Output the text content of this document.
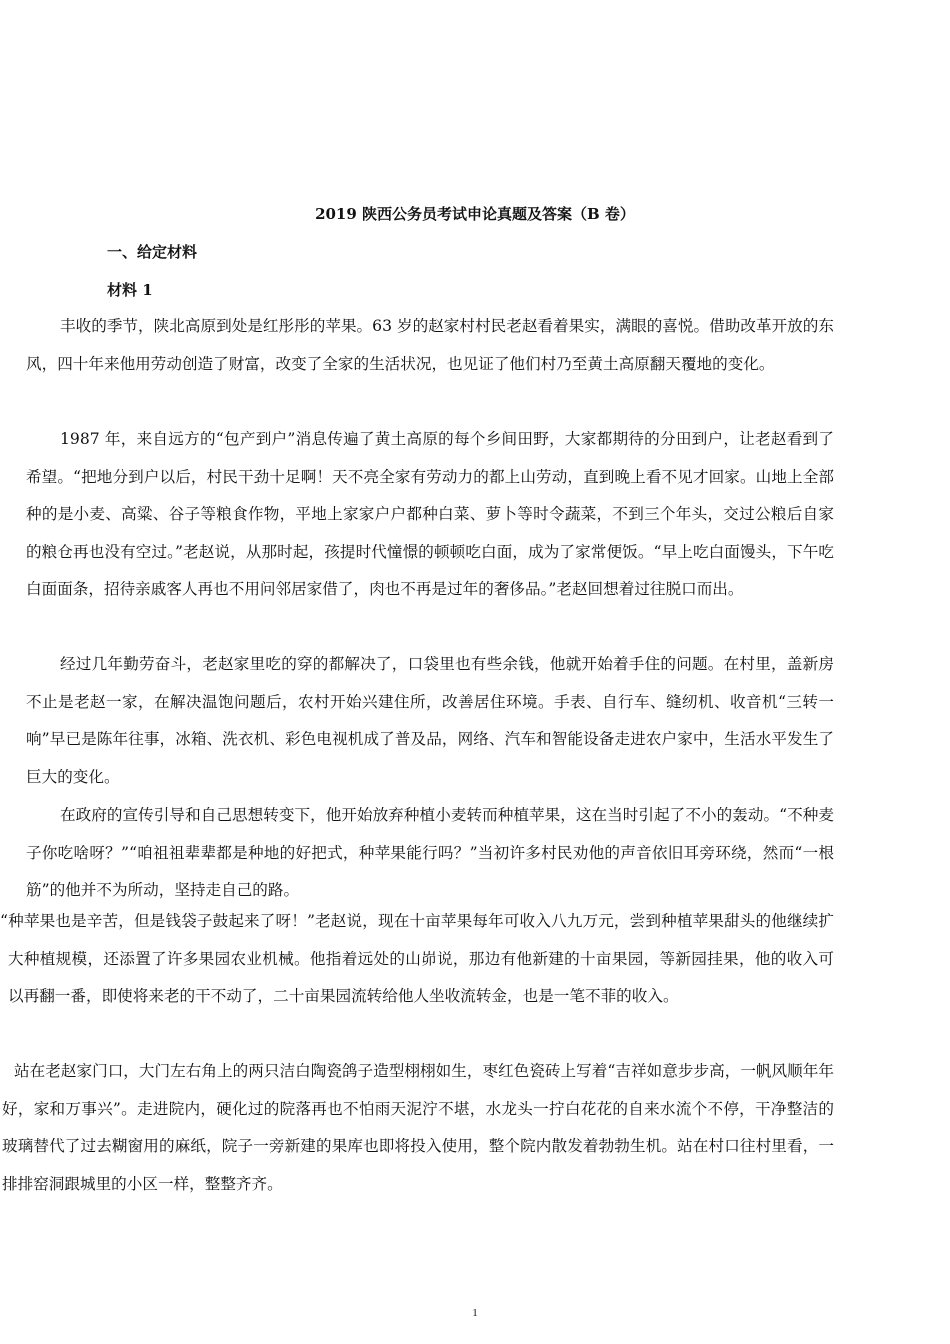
2019 陕西公务员考试申论真题及答案（B 卷）
一、给定材料
材料 1

丰收的季节，陕北高原到处是红彤彤的苹果。63 岁的赵家村村民老赵看着果实，满眼的喜悦。借助改革开放的东风，四十年来他用劳动创造了财富，改变了全家的生活状况，也见证了他们村乃至黄土高原翻天覆地的变化。

1987 年，来自远方的“包产到户”消息传遍了黄土高原的每个乡间田野，大家都期待的分田到户，让老赵看到了希望。“把地分到户以后，村民干劲十足啊！天不亮全家有劳动力的都上山劳动，直到晚上看不见才回家。山地上全部种的是小麦、高粱、谷子等粮食作物，平地上家家户户都种白菜、萝卜等时令蔬菜，不到三个年头，交过公粮后自家的粮仓再也没有空过。”老赵说，从那时起，孩提时代憧憬的顿顿吃白面，成为了家常便饭。“早上吃白面馒头，下午吃白面面条，招待亲戚客人再也不用问邻居家借了，肉也不再是过年的奢侈品。”老赵回想着过往脱口而出。

经过几年勤劳奋斗，老赵家里吃的穿的都解决了，口袋里也有些余钱，他就开始着手住的问题。在村里，盖新房不止是老赵一家，在解决温饱问题后，农村开始兴建住所，改善居住环境。手表、自行车、缝纫机、收音机“三转一响”早已是陈年往事，冰箱、洗衣机、彩色电视机成了普及品，网络、汽车和智能设备走进农户家中，生活水平发生了巨大的变化。

在政府的宣传引导和自己思想转变下，他开始放弃种植小麦转而种植苹果，这在当时引起了不小的轰动。“不种麦子你吃啥呀？”“咱祖祖辈辈都是种地的好把式，种苹果能行吗？”当初许多村民劝他的声音依旧耳旁环绕，然而“一根筋”的他并不为所动，坚持走自己的路。

“种苹果也是辛苦，但是钱袋子鼓起来了呀！”老赵说，现在十亩苹果每年可收入八九万元，尝到种植苹果甜头的他继续扩大种植规模，还添置了许多果园农业机械。他指着远处的山峁说，那边有他新建的十亩果园，等新园挂果，他的收入可以再翻一番，即使将来老的干不动了，二十亩果园流转给他人坐收流转金，也是一笔不菲的收入。

站在老赵家门口，大门左右角上的两只洁白陶瓷鸽子造型栩栩如生，枣红色瓷砖上写着“吉祥如意步步高，一帆风顺年年好，家和万事兴”。走进院内，硬化过的院落再也不怕雨天泥泞不堪，水龙头一拧白花花的自来水流个不停，干净整洁的玻璃替代了过去糊窗用的麻纸，院子一旁新建的果库也即将投入使用，整个院内散发着勃勃生机。站在村口往村里看，一排排窑洞跟城里的小区一样，整整齐齐。

1
